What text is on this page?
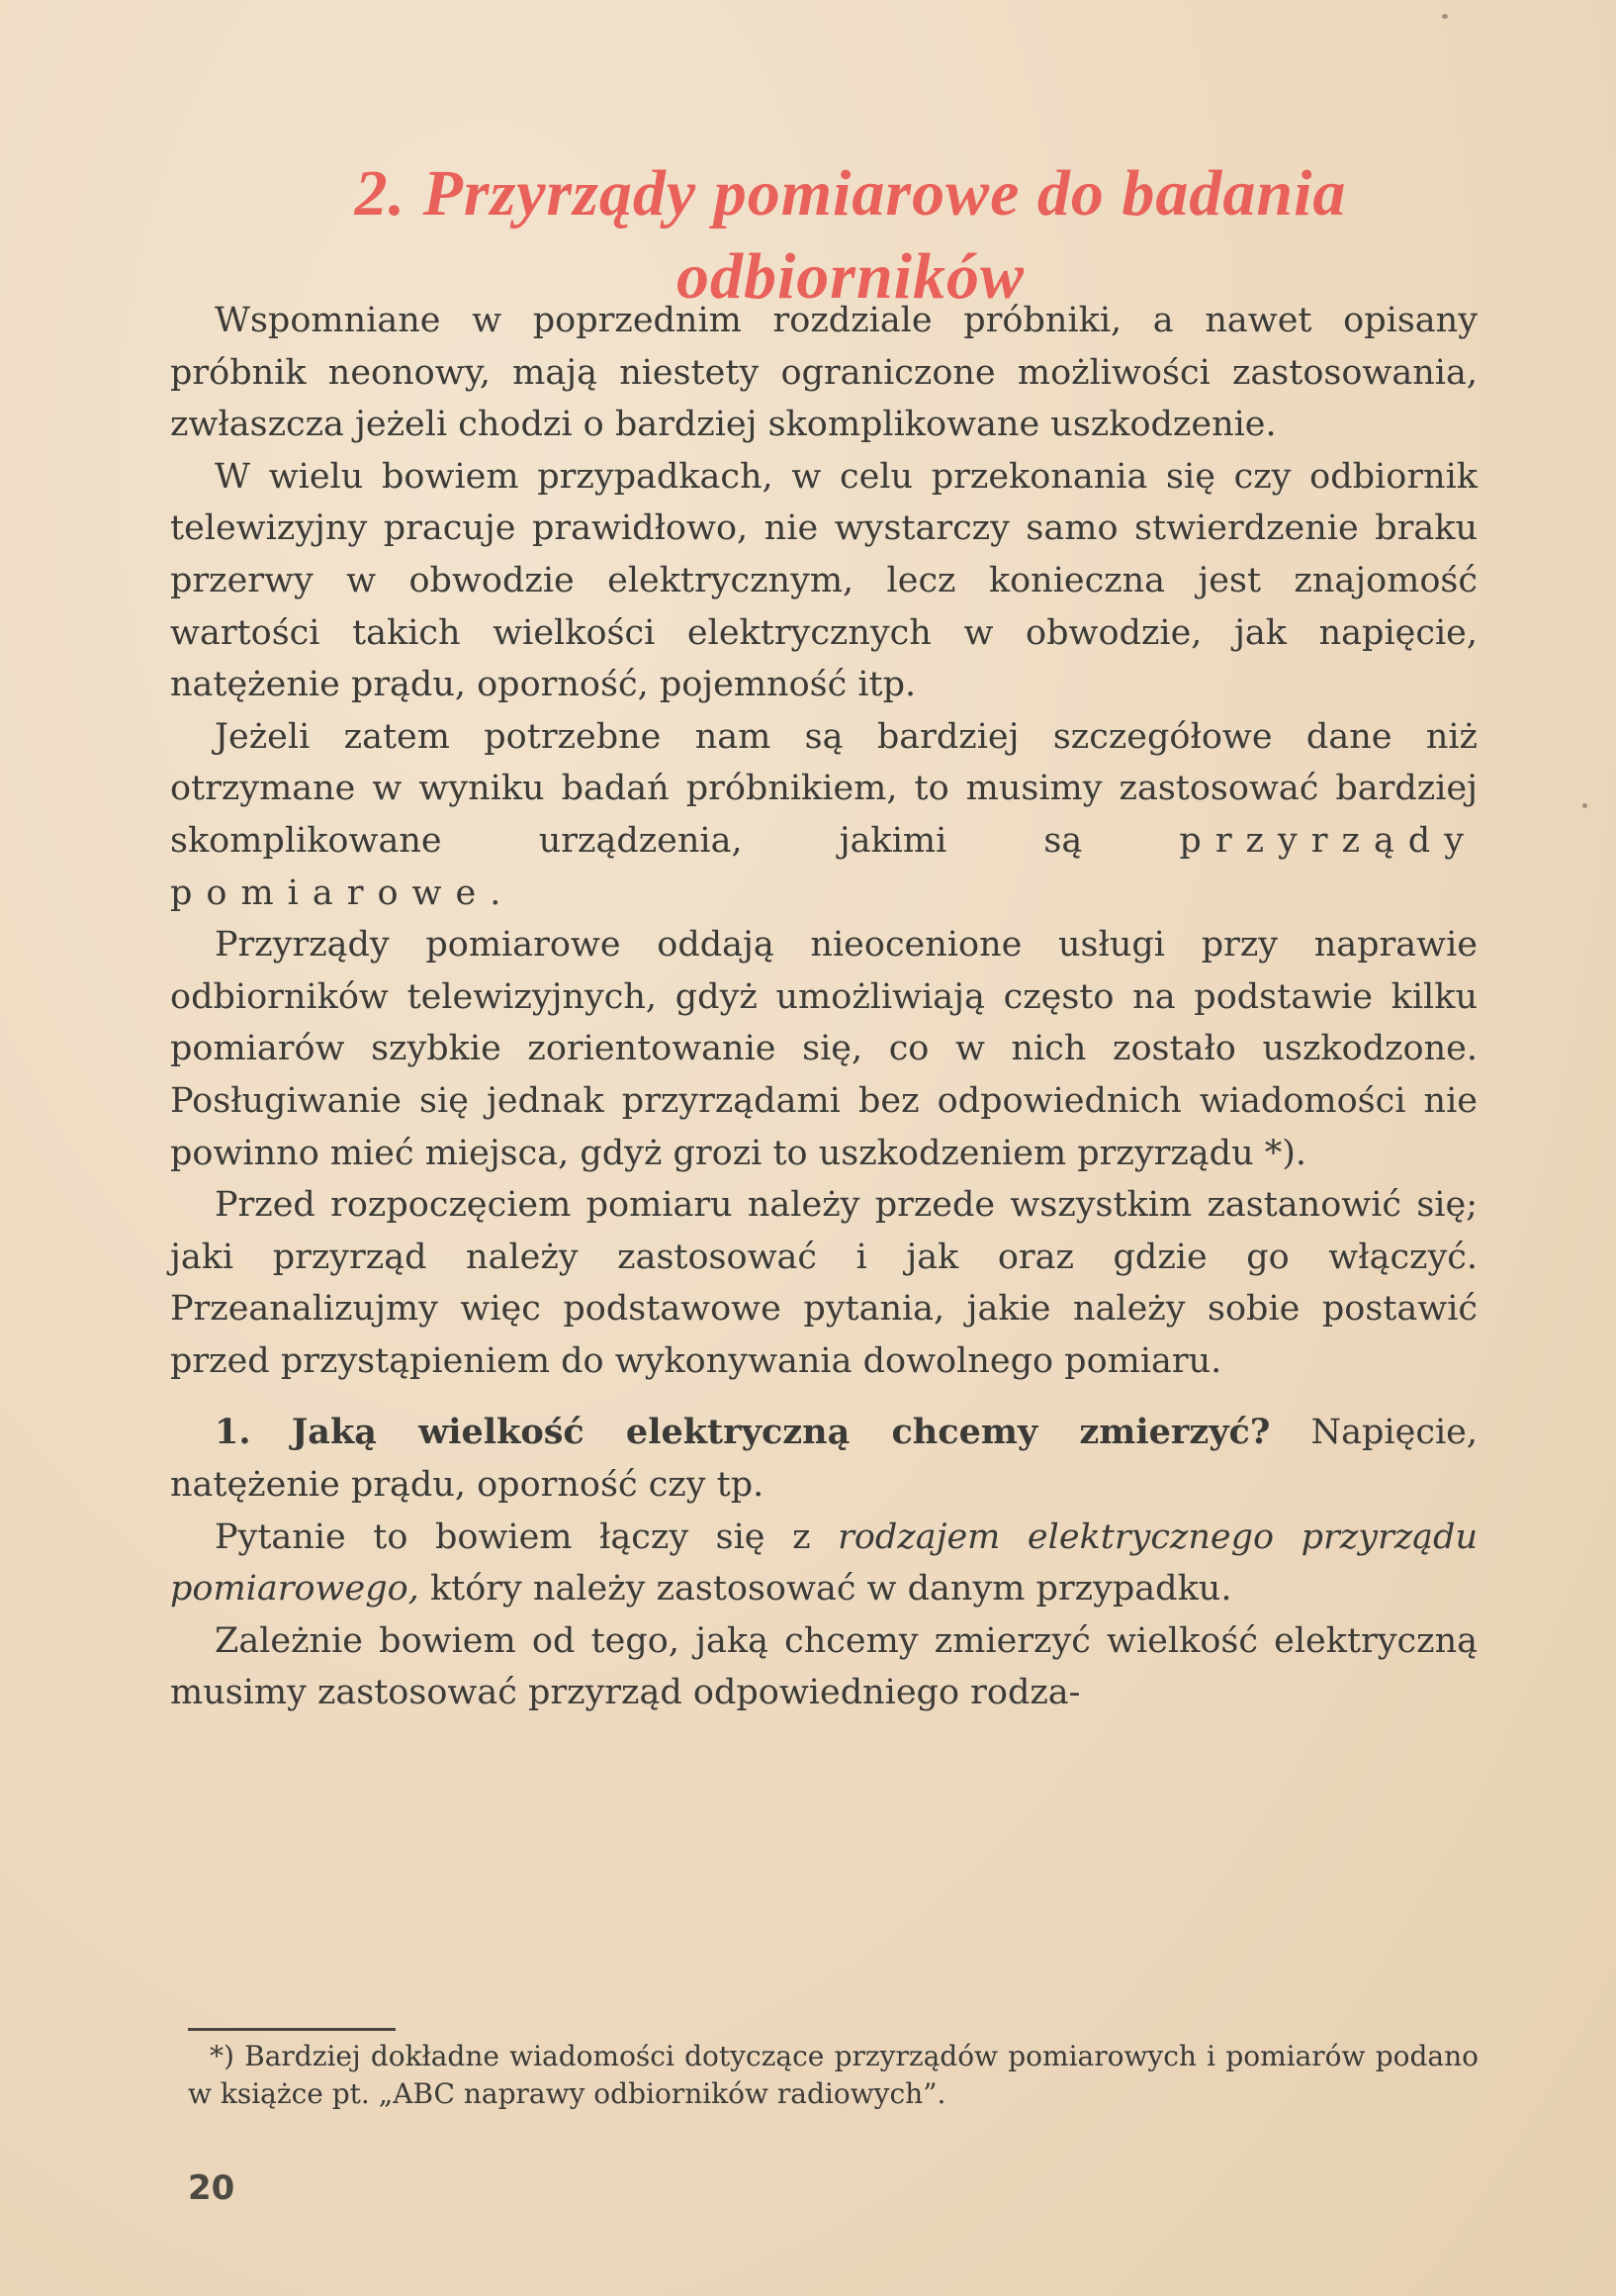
2. Przyrządy pomiarowe do badania
odbiorników

Wspomniane w poprzednim rozdziale próbniki, a nawet opisany próbnik neonowy, mają niestety ograniczone możliwości zastosowania, zwłaszcza jeżeli chodzi o bardziej skomplikowane uszkodzenie.

W wielu bowiem przypadkach, w celu przekonania się czy odbiornik telewizyjny pracuje prawidłowo, nie wystarczy samo stwierdzenie braku przerwy w obwodzie elektrycznym, lecz konieczna jest znajomość wartości takich wielkości elektrycznych w obwodzie, jak napięcie, natężenie prądu, oporność, pojemność itp.

Jeżeli zatem potrzebne nam są bardziej szczegółowe dane niż otrzymane w wyniku badań próbnikiem, to musimy zastosować bardziej skomplikowane urządzenia, jakimi są przyrządy pomiarowe.

Przyrządy pomiarowe oddają nieocenione usługi przy naprawie odbiorników telewizyjnych, gdyż umożliwiają często na podstawie kilku pomiarów szybkie zorientowanie się, co w nich zostało uszkodzone. Posługiwanie się jednak przyrządami bez odpowiednich wiadomości nie powinno mieć miejsca, gdyż grozi to uszkodzeniem przyrządu *).

Przed rozpoczęciem pomiaru należy przede wszystkim zastanowić się; jaki przyrząd należy zastosować i jak oraz gdzie go włączyć. Przeanalizujmy więc podstawowe pytania, jakie należy sobie postawić przed przystąpieniem do wykonywania dowolnego pomiaru.

1. Jaką wielkość elektryczną chcemy zmierzyć? Napięcie, natężenie prądu, oporność czy tp.

Pytanie to bowiem łączy się z rodzajem elektrycznego przyrządu pomiarowego, który należy zastosować w danym przypadku.

Zależnie bowiem od tego, jaką chcemy zmierzyć wielkość elektryczną musimy zastosować przyrząd odpowiedniego rodza-

*) Bardziej dokładne wiadomości dotyczące przyrządów pomiarowych i pomiarów podano w książce pt. „ABC naprawy odbiorników radiowych”.
20
